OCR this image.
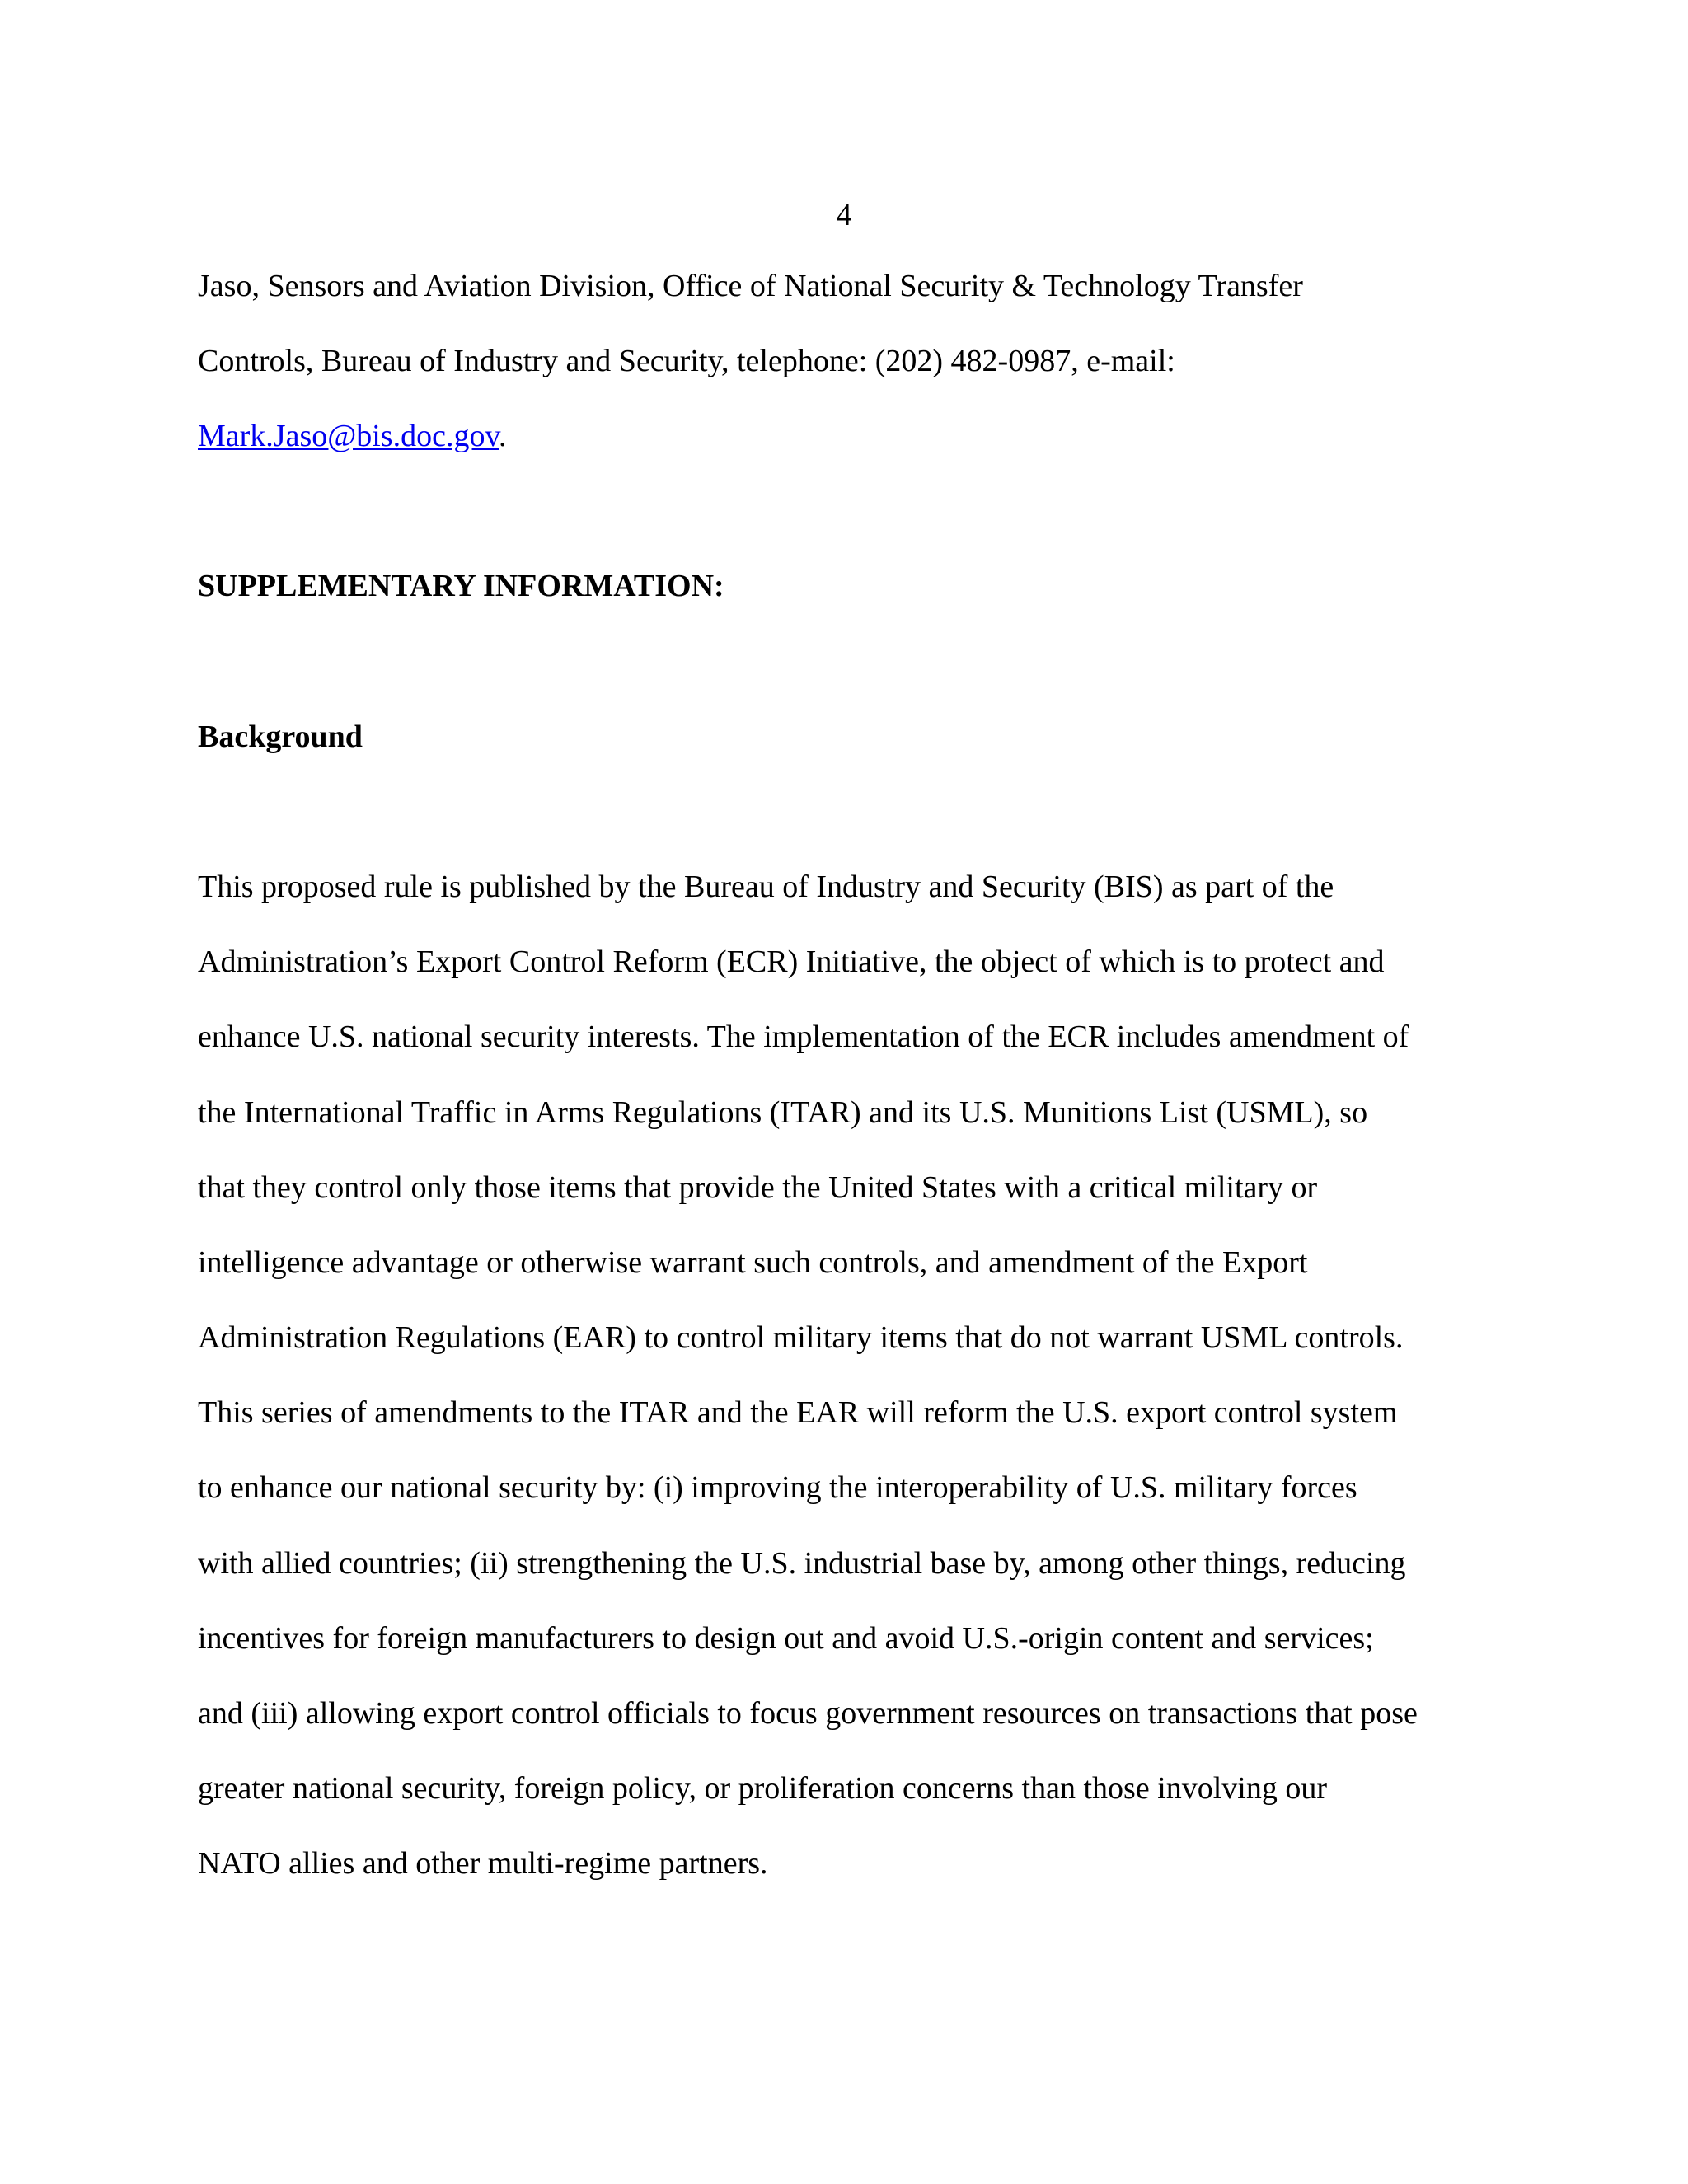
4
Jaso, Sensors and Aviation Division, Office of National Security & Technology Transfer
Controls, Bureau of Industry and Security, telephone: (202) 482-0987, e-mail:
Mark.Jaso@bis.doc.gov.
SUPPLEMENTARY INFORMATION:
Background
This proposed rule is published by the Bureau of Industry and Security (BIS) as part of the
Administration’s Export Control Reform (ECR) Initiative, the object of which is to protect and
enhance U.S. national security interests. The implementation of the ECR includes amendment of
the International Traffic in Arms Regulations (ITAR) and its U.S. Munitions List (USML), so
that they control only those items that provide the United States with a critical military or
intelligence advantage or otherwise warrant such controls, and amendment of the Export
Administration Regulations (EAR) to control military items that do not warrant USML controls.
This series of amendments to the ITAR and the EAR will reform the U.S. export control system
to enhance our national security by: (i) improving the interoperability of U.S. military forces
with allied countries; (ii) strengthening the U.S. industrial base by, among other things, reducing
incentives for foreign manufacturers to design out and avoid U.S.-origin content and services;
and (iii) allowing export control officials to focus government resources on transactions that pose
greater national security, foreign policy, or proliferation concerns than those involving our
NATO allies and other multi-regime partners.
